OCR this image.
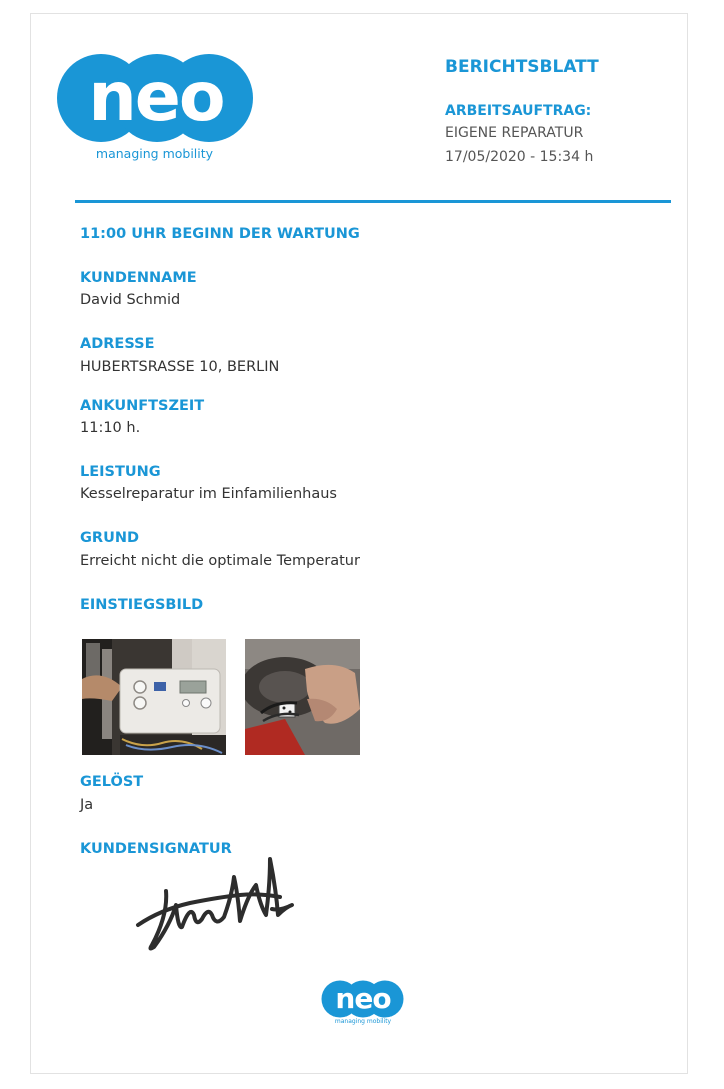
neo
managing mobility
BERICHTSBLATT
ARBEITSAUFTRAG:
EIGENE REPARATUR
17/05/2020 - 15:34 h
11:00 UHR BEGINN DER WARTUNG
KUNDENNAME
David Schmid
ADRESSE
HUBERTSRASSE 10, BERLIN
ANKUNFTSZEIT
11:10 h.
LEISTUNG
Kesselreparatur im Einfamilienhaus
GRUND
Erreicht nicht die optimale Temperatur
EINSTIEGSBILD
GELÖST
Ja
KUNDENSIGNATUR
neo
managing mobility
